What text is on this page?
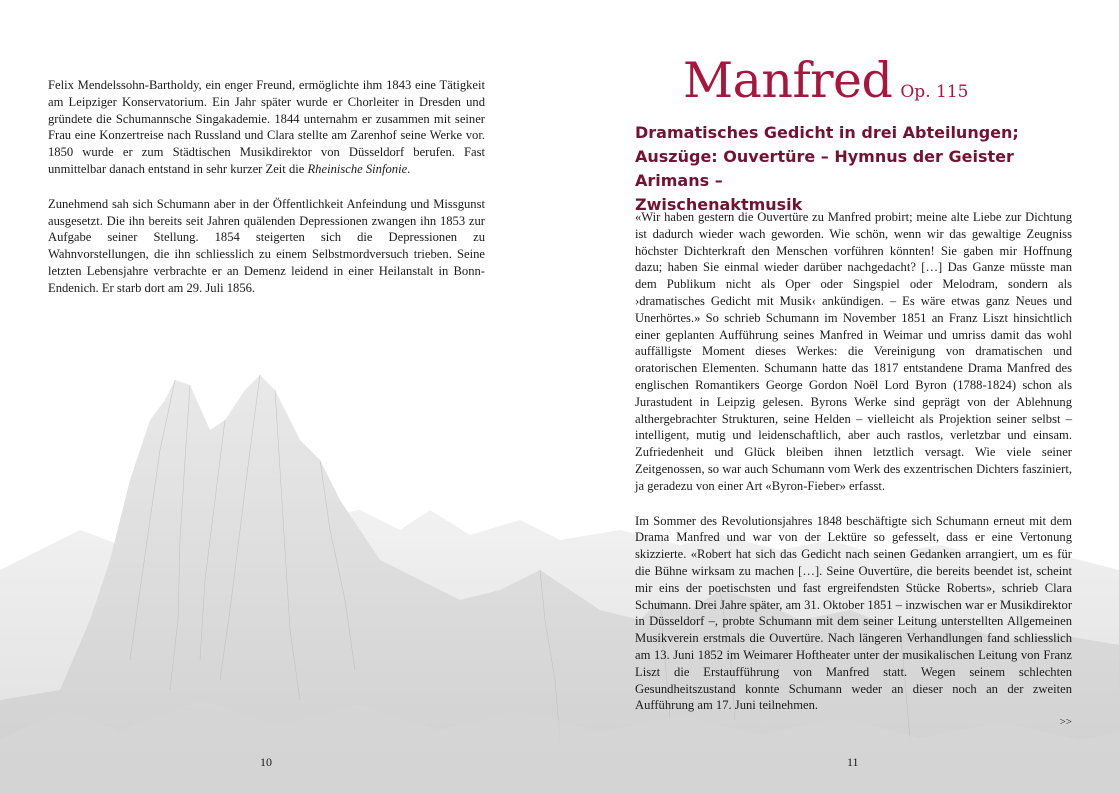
Felix Mendelssohn-Bartholdy, ein enger Freund, ermöglichte ihm 1843 eine Tätigkeit am Leipziger Konservatorium. Ein Jahr später wurde er Chorleiter in Dresden und gründete die Schumannsche Singakademie. 1844 unternahm er zusammen mit seiner Frau eine Konzertreise nach Russland und Clara stellte am Zarenhof seine Werke vor. 1850 wurde er zum Städtischen Musikdirektor von Düsseldorf berufen. Fast unmittelbar danach entstand in sehr kurzer Zeit die Rheinische Sinfonie.

Zunehmend sah sich Schumann aber in der Öffentlichkeit Anfeindung und Missgunst ausgesetzt. Die ihn bereits seit Jahren quälenden Depressionen zwangen ihn 1853 zur Aufgabe seiner Stellung. 1854 steigerten sich die Depressionen zu Wahnvorstellungen, die ihn schliesslich zu einem Selbstmordversuch trieben. Seine letzten Lebensjahre verbrachte er an Demenz leidend in einer Heilanstalt in Bonn-Endenich. Er starb dort am 29. Juli 1856.

10
Manfred Op. 115
Dramatisches Gedicht in drei Abteilungen;
Auszüge: Ouvertüre – Hymnus der Geister Arimans –
Zwischenaktmusik

«Wir haben gestern die Ouvertüre zu Manfred probirt; meine alte Liebe zur Dichtung ist dadurch wieder wach geworden. Wie schön, wenn wir das gewaltige Zeugniss höchster Dichterkraft den Menschen vorführen könnten! Sie gaben mir Hoffnung dazu; haben Sie einmal wieder darüber nachgedacht? […] Das Ganze müsste man dem Publikum nicht als Oper oder Singspiel oder Melodram, sondern als ›dramatisches Gedicht mit Musik‹ ankündigen. – Es wäre etwas ganz Neues und Unerhörtes.» So schrieb Schumann im November 1851 an Franz Liszt hinsichtlich einer geplanten Aufführung seines Manfred in Weimar und umriss damit das wohl auffälligste Moment dieses Werkes: die Vereinigung von dramatischen und oratorischen Elementen. Schumann hatte das 1817 entstandene Drama Manfred des englischen Romantikers George Gordon Noël Lord Byron (1788-1824) schon als Jurastudent in Leipzig gelesen. Byrons Werke sind geprägt von der Ablehnung althergebrachter Strukturen, seine Helden – vielleicht als Projektion seiner selbst – intelligent, mutig und leidenschaftlich, aber auch rastlos, verletzbar und einsam. Zufriedenheit und Glück bleiben ihnen letztlich versagt. Wie viele seiner Zeitgenossen, so war auch Schumann vom Werk des exzentrischen Dichters fasziniert, ja geradezu von einer Art «Byron-Fieber» erfasst.

Im Sommer des Revolutionsjahres 1848 beschäftigte sich Schumann erneut mit dem Drama Manfred und war von der Lektüre so gefesselt, dass er eine Vertonung skizzierte. «Robert hat sich das Gedicht nach seinen Gedanken arrangiert, um es für die Bühne wirksam zu machen […]. Seine Ouvertüre, die bereits beendet ist, scheint mir eins der poetischsten und fast ergreifendsten Stücke Roberts», schrieb Clara Schumann. Drei Jahre später, am 31. Oktober 1851 – inzwischen war er Musikdirektor in Düsseldorf –, probte Schumann mit dem seiner Leitung unterstellten Allgemeinen Musikverein erstmals die Ouvertüre. Nach längeren Verhandlungen fand schliesslich am 13. Juni 1852 im Weimarer Hoftheater unter der musikalischen Leitung von Franz Liszt die Erstaufführung von Manfred statt. Wegen seinem schlechten Gesundheitszustand konnte Schumann weder an dieser noch an der zweiten Aufführung am 17. Juni teilnehmen.

>>
11
